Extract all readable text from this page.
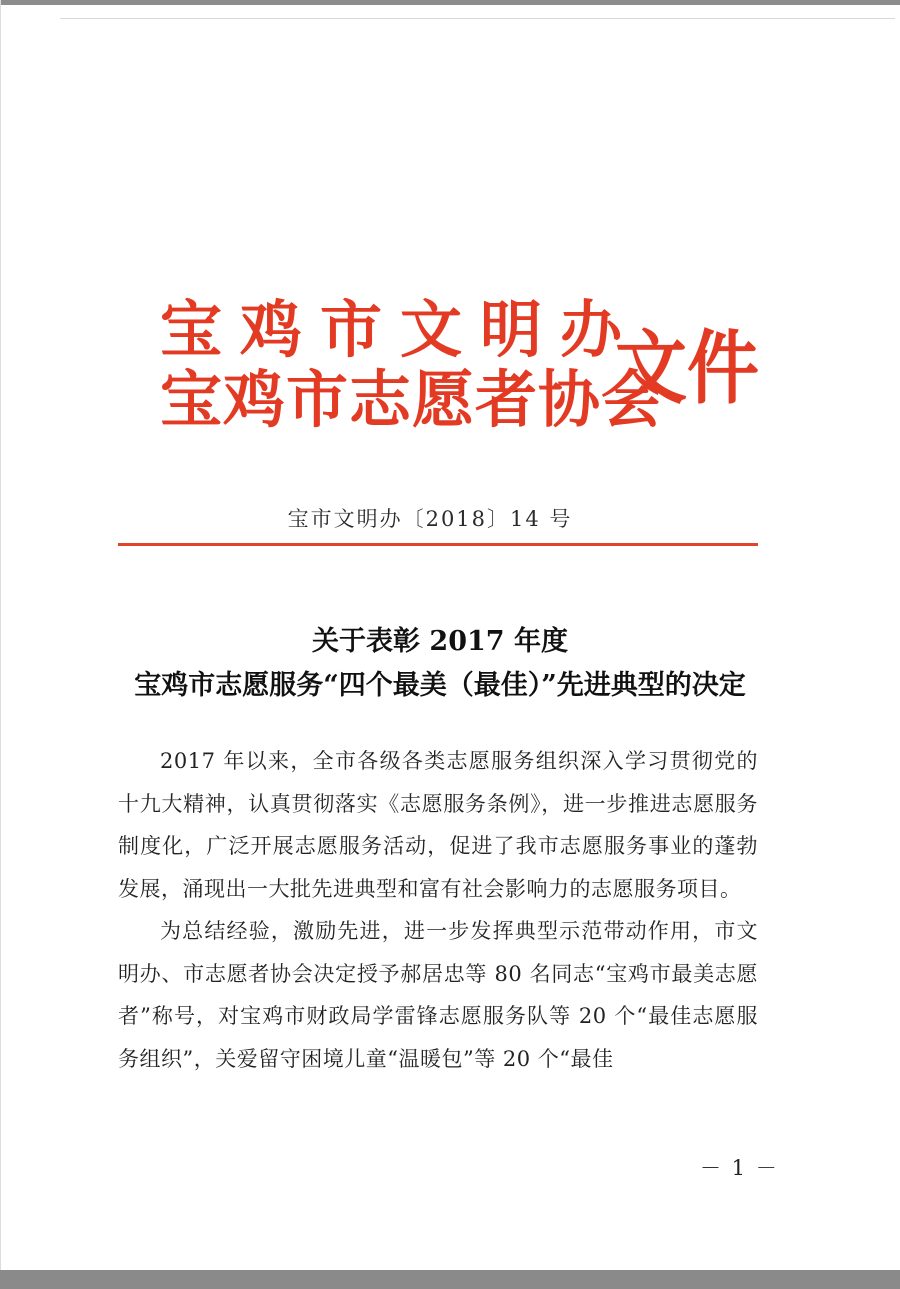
宝鸡市文明办
宝鸡市志愿者协会
文件
宝市文明办〔2018〕14 号
关于表彰 2017 年度
宝鸡市志愿服务“四个最美（最佳）”先进典型的决定

2017 年以来，全市各级各类志愿服务组织深入学习贯彻党的十九大精神，认真贯彻落实《志愿服务条例》，进一步推进志愿服务制度化，广泛开展志愿服务活动，促进了我市志愿服务事业的蓬勃发展，涌现出一大批先进典型和富有社会影响力的志愿服务项目。

为总结经验，激励先进，进一步发挥典型示范带动作用，市文明办、市志愿者协会决定授予郝居忠等 80 名同志“宝鸡市最美志愿者”称号，对宝鸡市财政局学雷锋志愿服务队等 20 个“最佳志愿服务组织”，关爱留守困境儿童“温暖包”等 20 个“最佳

－ 1 －
